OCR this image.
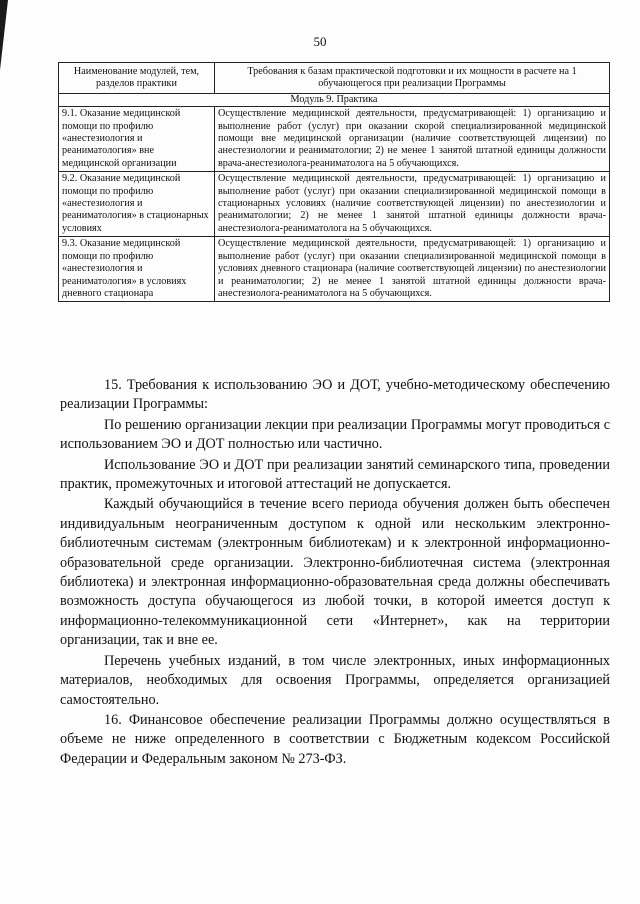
50
Наименование модулей, тем, разделов практики	Требования к базам практической подготовки и их мощности в расчете на 1 обучающегося при реализации Программы
Модуль 9. Практика	
9.1. Оказание медицинской помощи по профилю «анестезиология и реаниматология» вне медицинской организации	Осуществление медицинской деятельности, предусматривающей: 1) организацию и выполнение работ (услуг) при оказании скорой специализированной медицинской помощи вне медицинской организации (наличие соответствующей лицензии) по анестезиологии и реаниматологии; 2) не менее 1 занятой штатной единицы должности врача-анестезиолога-реаниматолога на 5 обучающихся.
9.2. Оказание медицинской помощи по профилю «анестезиология и реаниматология» в стационарных условиях	Осуществление медицинской деятельности, предусматривающей: 1) организацию и выполнение работ (услуг) при оказании специализированной медицинской помощи в стационарных условиях (наличие соответствующей лицензии) по анестезиологии и реаниматологии; 2) не менее 1 занятой штатной единицы должности врача-анестезиолога-реаниматолога на 5 обучающихся.
9.3. Оказание медицинской помощи по профилю «анестезиология и реаниматология» в условиях дневного стационара	Осуществление медицинской деятельности, предусматривающей: 1) организацию и выполнение работ (услуг) при оказании специализированной медицинской помощи в условиях дневного стационара (наличие соответствующей лицензии) по анестезиологии и реаниматологии; 2) не менее 1 занятой штатной единицы должности врача-анестезиолога-реаниматолога на 5 обучающихся.

15. Требования к использованию ЭО и ДОТ, учебно-методическому обеспечению реализации Программы:

По решению организации лекции при реализации Программы могут проводиться с использованием ЭО и ДОТ полностью или частично.

Использование ЭО и ДОТ при реализации занятий семинарского типа, проведении практик, промежуточных и итоговой аттестаций не допускается.

Каждый обучающийся в течение всего периода обучения должен быть обеспечен индивидуальным неограниченным доступом к одной или нескольким электронно-библиотечным системам (электронным библиотекам) и к электронной информационно-образовательной среде организации. Электронно-библиотечная система (электронная библиотека) и электронная информационно-образовательная среда должны обеспечивать возможность доступа обучающегося из любой точки, в которой имеется доступ к информационно-телекоммуникационной сети «Интернет», как на территории организации, так и вне ее.

Перечень учебных изданий, в том числе электронных, иных информационных материалов, необходимых для освоения Программы, определяется организацией самостоятельно.

16. Финансовое обеспечение реализации Программы должно осуществляться в объеме не ниже определенного в соответствии с Бюджетным кодексом Российской Федерации и Федеральным законом № 273-ФЗ.
